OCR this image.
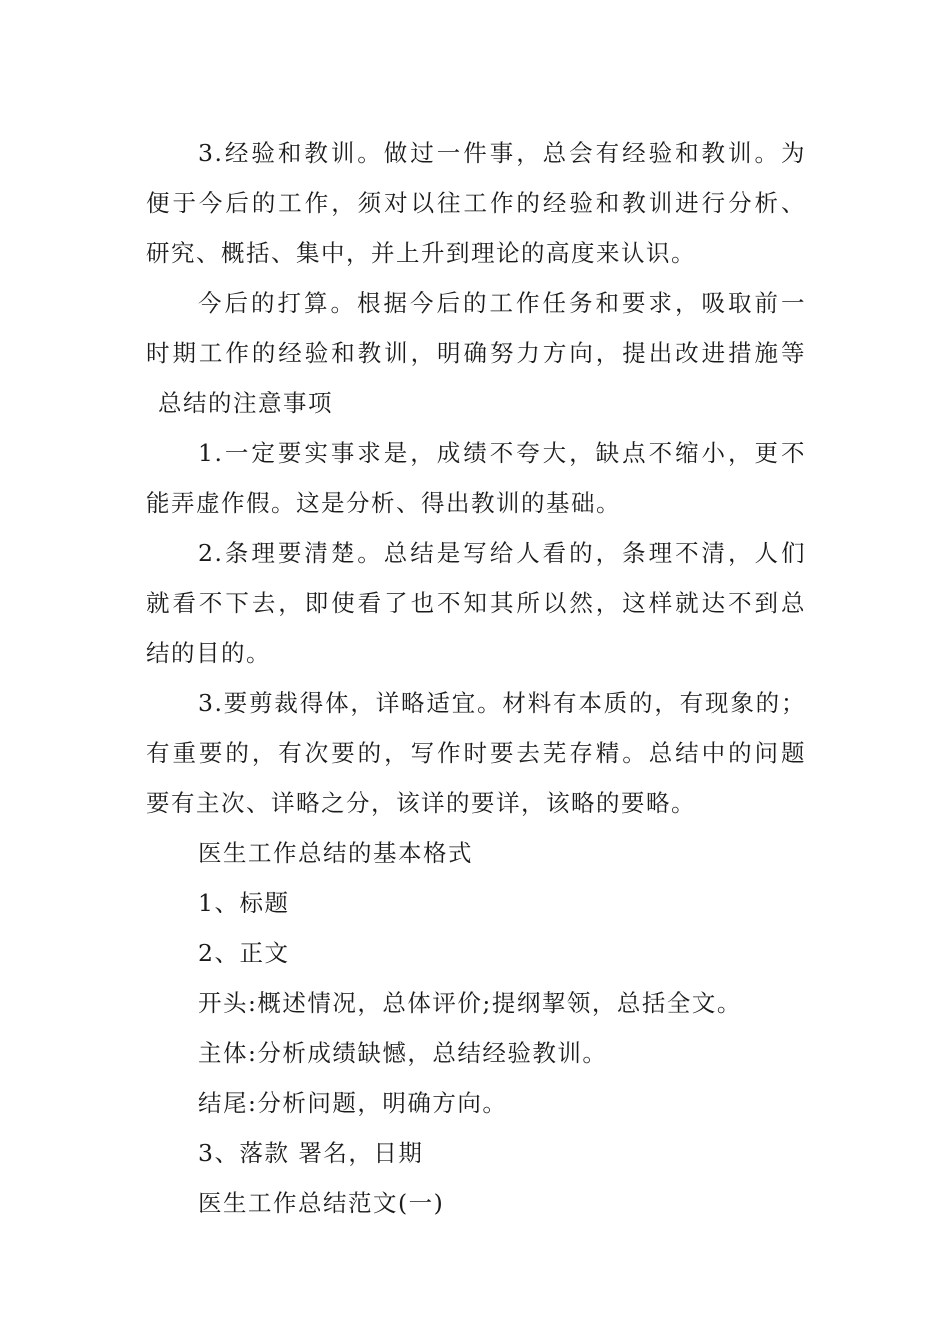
3.经验和教训。做过一件事，总会有经验和教训。为
便于今后的工作，须对以往工作的经验和教训进行分析、
研究、概括、集中，并上升到理论的高度来认识。
今后的打算。根据今后的工作任务和要求，吸取前一
时期工作的经验和教训，明确努力方向，提出改进措施等
总结的注意事项
1.一定要实事求是，成绩不夸大，缺点不缩小，更不
能弄虚作假。这是分析、得出教训的基础。
2.条理要清楚。总结是写给人看的，条理不清，人们
就看不下去，即使看了也不知其所以然，这样就达不到总
结的目的。
3.要剪裁得体，详略适宜。材料有本质的，有现象的；
有重要的，有次要的，写作时要去芜存精。总结中的问题
要有主次、详略之分，该详的要详，该略的要略。
医生工作总结的基本格式
1、标题
2、正文
开头:概述情况，总体评价;提纲挈领，总括全文。
主体:分析成绩缺憾，总结经验教训。
结尾:分析问题，明确方向。
3、落款 署名，日期
医生工作总结范文(一)
